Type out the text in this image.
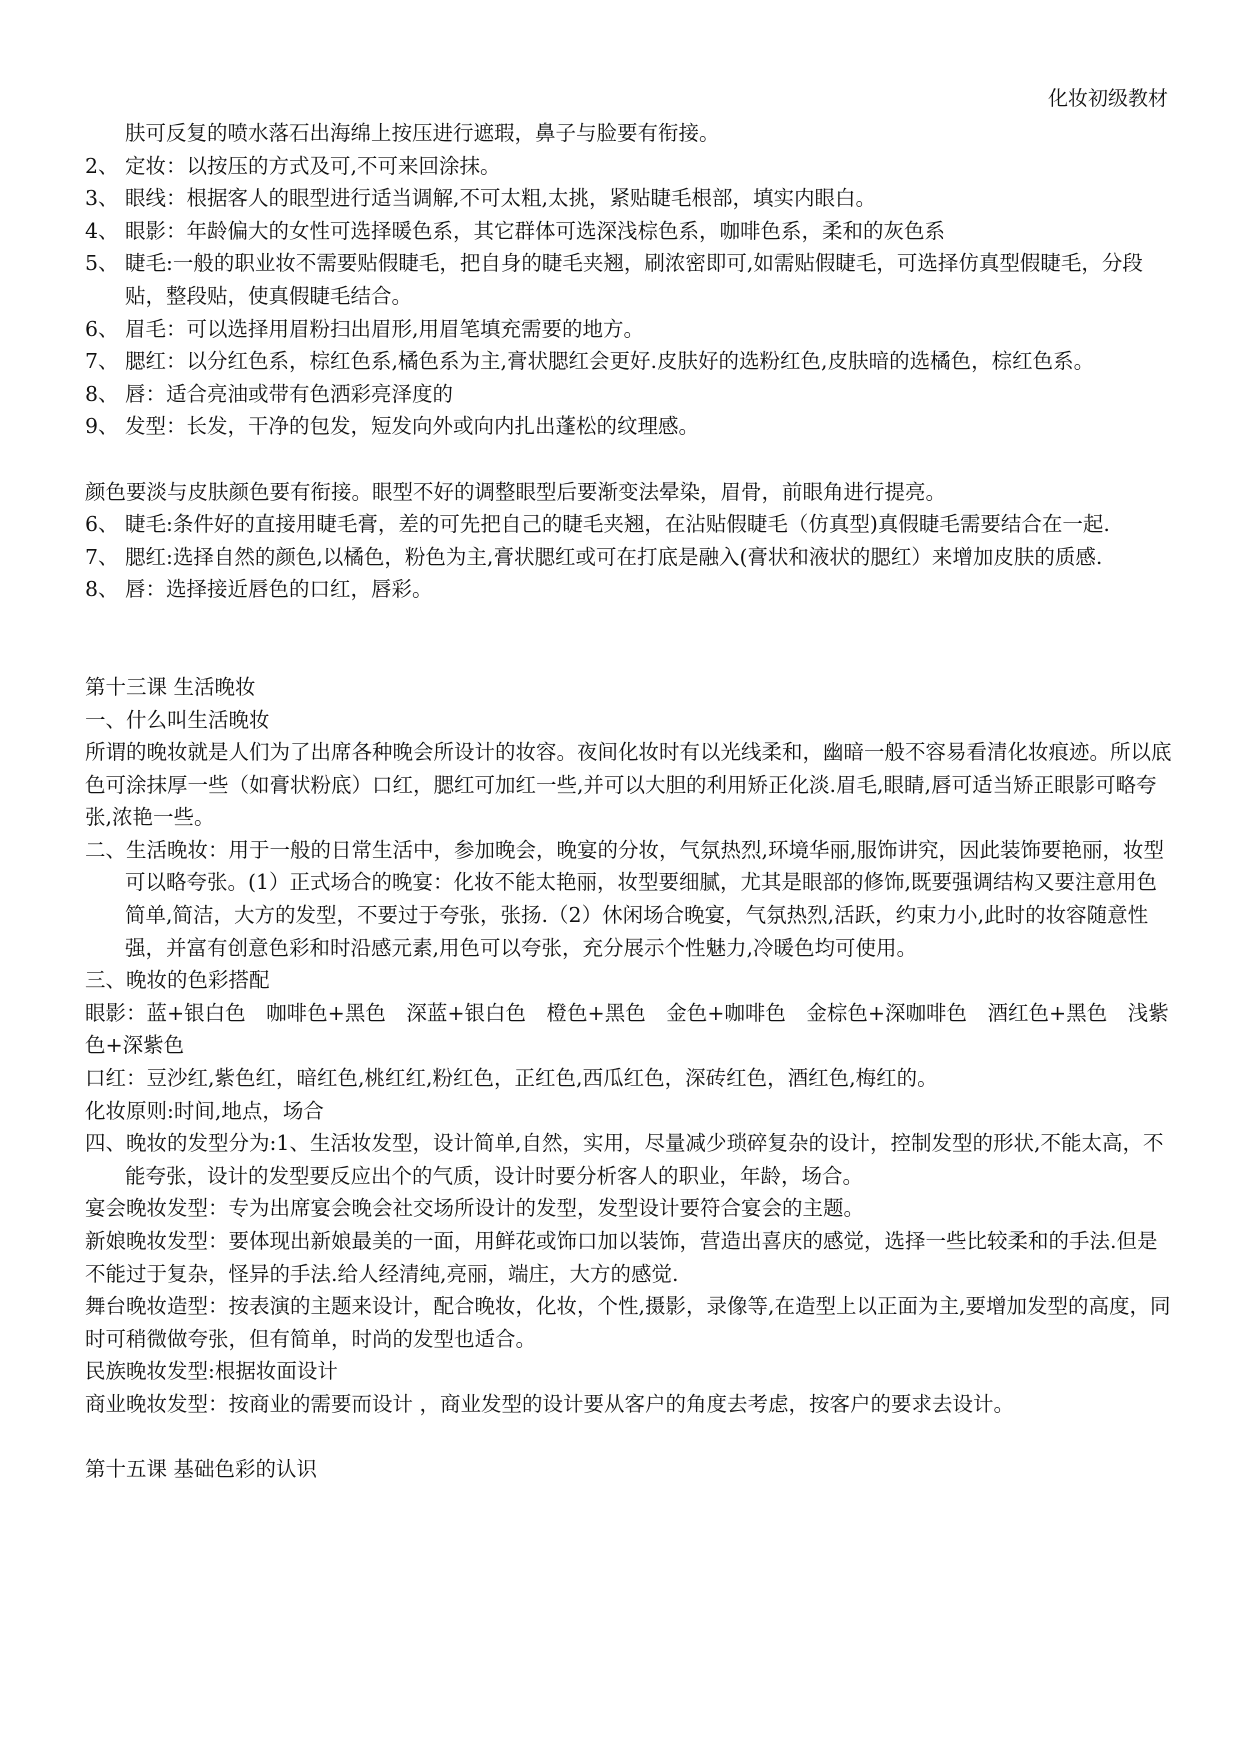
化妆初级教材

肤可反复的喷水落石出海绵上按压进行遮瑕，鼻子与脸要有衔接。

2、 定妆：以按压的方式及可,不可来回涂抹。
3、 眼线：根据客人的眼型进行适当调解,不可太粗,太挑，紧贴睫毛根部，填实内眼白。
4、 眼影：年龄偏大的女性可选择暖色系，其它群体可选深浅棕色系，咖啡色系，柔和的灰色系
5、 睫毛:一般的职业妆不需要贴假睫毛，把自身的睫毛夹翘，刷浓密即可,如需贴假睫毛，可选择仿真型假睫毛，分段贴，整段贴，使真假睫毛结合。
6、 眉毛：可以选择用眉粉扫出眉形,用眉笔填充需要的地方。
7、 腮红：以分红色系，棕红色系,橘色系为主,膏状腮红会更好.皮肤好的选粉红色,皮肤暗的选橘色，棕红色系。
8、 唇：适合亮油或带有色洒彩亮泽度的
9、 发型：长发，干净的包发，短发向外或向内扎出蓬松的纹理感。

颜色要淡与皮肤颜色要有衔接。眼型不好的调整眼型后要渐变法晕染，眉骨，前眼角进行提亮。

6、 睫毛:条件好的直接用睫毛膏，差的可先把自己的睫毛夹翘，在沾贴假睫毛（仿真型)真假睫毛需要结合在一起.
7、 腮红:选择自然的颜色,以橘色，粉色为主,膏状腮红或可在打底是融入(膏状和液状的腮红）来增加皮肤的质感.
8、 唇：选择接近唇色的口红，唇彩。

第十三课 生活晚妆

一、什么叫生活晚妆

所谓的晚妆就是人们为了出席各种晚会所设计的妆容。夜间化妆时有以光线柔和，幽暗一般不容易看清化妆痕迹。所以底色可涂抹厚一些（如膏状粉底）口红，腮红可加红一些,并可以大胆的利用矫正化淡.眉毛,眼睛,唇可适当矫正眼影可略夸张,浓艳一些。

二、生活晚妆：用于一般的日常生活中，参加晚会，晚宴的分妆，气氛热烈,环境华丽,服饰讲究，因此装饰要艳丽，妆型可以略夸张。(1）正式场合的晚宴：化妆不能太艳丽，妆型要细腻，尤其是眼部的修饰,既要强调结构又要注意用色简单,简洁，大方的发型，不要过于夸张，张扬.（2）休闲场合晚宴，气氛热烈,活跃，约束力小,此时的妆容随意性强，并富有创意色彩和时沿感元素,用色可以夸张，充分展示个性魅力,冷暖色均可使用。

三、晚妆的色彩搭配

眼影：蓝+银白色　咖啡色+黑色　深蓝+银白色　橙色+黑色　金色+咖啡色　金棕色+深咖啡色　酒红色+黑色　浅紫色+深紫色

口红：豆沙红,紫色红，暗红色,桃红红,粉红色，正红色,西瓜红色，深砖红色，酒红色,梅红的。

化妆原则:时间,地点，场合

四、晚妆的发型分为:1、生活妆发型，设计简单,自然，实用，尽量减少琐碎复杂的设计，控制发型的形状,不能太高，不能夸张，设计的发型要反应出个的气质，设计时要分析客人的职业，年龄，场合。

宴会晚妆发型：专为出席宴会晚会社交场所设计的发型，发型设计要符合宴会的主题。

新娘晚妆发型：要体现出新娘最美的一面，用鲜花或饰口加以装饰，营造出喜庆的感觉，选择一些比较柔和的手法.但是不能过于复杂，怪异的手法.给人经清纯,亮丽，端庄，大方的感觉.

舞台晚妆造型：按表演的主题来设计，配合晚妆，化妆，个性,摄影，录像等,在造型上以正面为主,要增加发型的高度，同时可稍微做夸张，但有简单，时尚的发型也适合。

民族晚妆发型:根据妆面设计

商业晚妆发型：按商业的需要而设计 ，商业发型的设计要从客户的角度去考虑，按客户的要求去设计。

第十五课 基础色彩的认识
